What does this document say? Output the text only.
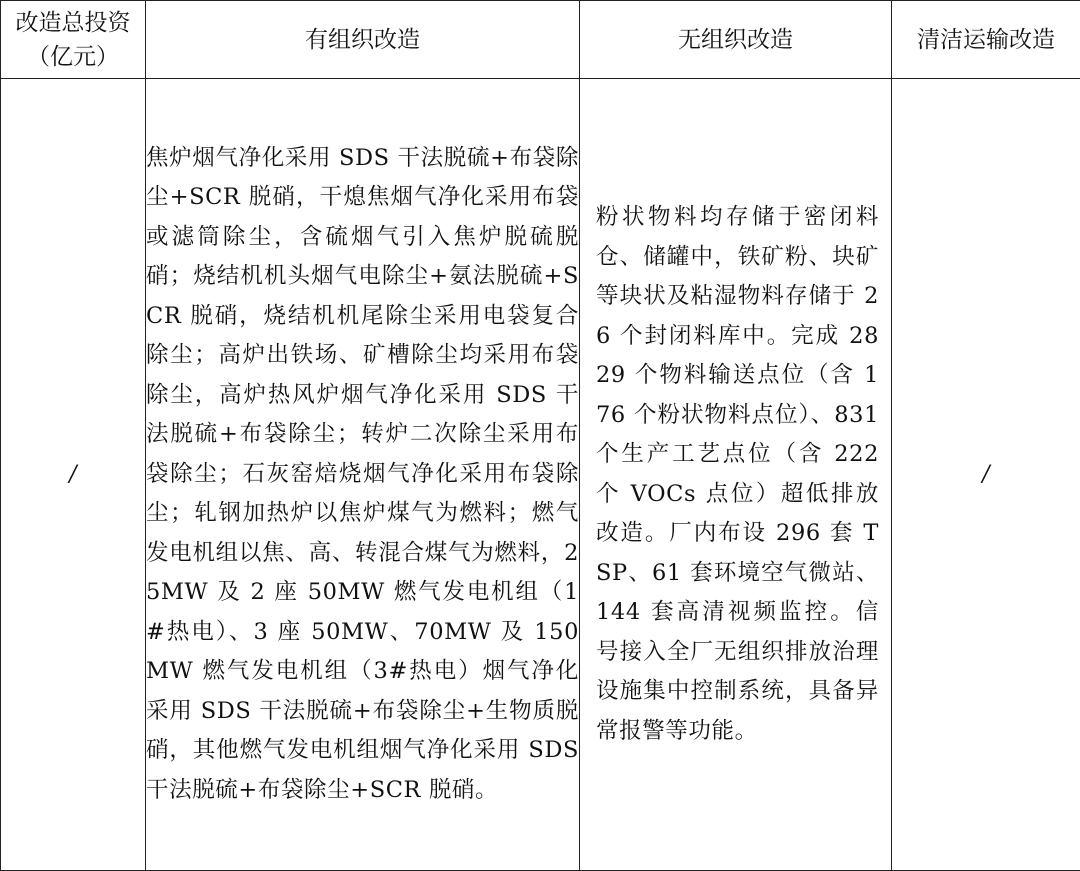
改造总投资（亿元）	有组织改造	无组织改造	清洁运输改造
/	焦炉烟气净化采用 SDS 干法脱硫+布袋除尘+SCR 脱硝，干熄焦烟气净化采用布袋或滤筒除尘，含硫烟气引入焦炉脱硫脱硝；烧结机机头烟气电除尘+氨法脱硫+SCR 脱硝，烧结机机尾除尘采用电袋复合除尘；高炉出铁场、矿槽除尘均采用布袋除尘，高炉热风炉烟气净化采用 SDS 干法脱硫+布袋除尘；转炉二次除尘采用布袋除尘；石灰窑焙烧烟气净化采用布袋除尘；轧钢加热炉以焦炉煤气为燃料；燃气发电机组以焦、高、转混合煤气为燃料，25MW 及 2 座 50MW 燃气发电机组（1#热电）、3 座 50MW、70MW 及 150MW 燃气发电机组（3#热电）烟气净化采用 SDS 干法脱硫+布袋除尘+生物质脱硝，其他燃气发电机组烟气净化采用 SDS 干法脱硫+布袋除尘+SCR 脱硝。	粉状物料均存储于密闭料仓、储罐中，铁矿粉、块矿等块状及粘湿物料存储于 26 个封闭料库中。完成 2829 个物料输送点位（含 176 个粉状物料点位）、831 个生产工艺点位（含 222 个 VOCs 点位）超低排放改造。厂内布设 296 套 TSP、61 套环境空气微站、144 套高清视频监控。信号接入全厂无组织排放治理设施集中控制系统，具备异常报警等功能。	/
